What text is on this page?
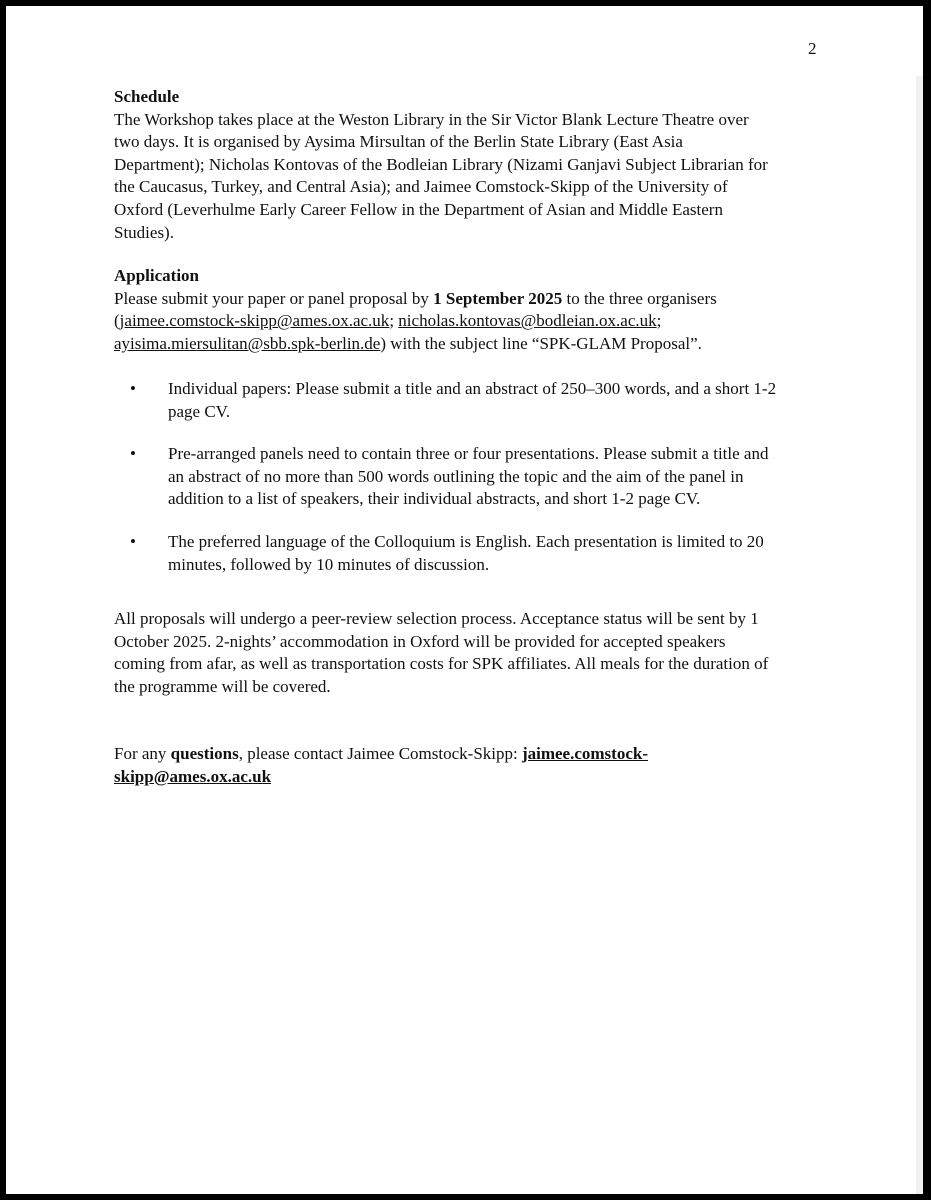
2
Schedule
The Workshop takes place at the Weston Library in the Sir Victor Blank Lecture Theatre over
two days. It is organised by Aysima Mirsultan of the Berlin State Library (East Asia
Department); Nicholas Kontovas of the Bodleian Library (Nizami Ganjavi Subject Librarian for
the Caucasus, Turkey, and Central Asia); and Jaimee Comstock-Skipp of the University of
Oxford (Leverhulme Early Career Fellow in the Department of Asian and Middle Eastern
Studies).
Application
Please submit your paper or panel proposal by 1 September 2025 to the three organisers
(jaimee.comstock-skipp@ames.ox.ac.uk; nicholas.kontovas@bodleian.ox.ac.uk;
ayisima.miersulitan@sbb.spk-berlin.de) with the subject line “SPK-GLAM Proposal”.
• Individual papers: Please submit a title and an abstract of 250–300 words, and a short 1-2
page CV.
• Pre-arranged panels need to contain three or four presentations. Please submit a title and
an abstract of no more than 500 words outlining the topic and the aim of the panel in
addition to a list of speakers, their individual abstracts, and short 1-2 page CV.
• The preferred language of the Colloquium is English. Each presentation is limited to 20
minutes, followed by 10 minutes of discussion.
All proposals will undergo a peer-review selection process. Acceptance status will be sent by 1
October 2025. 2-nights’ accommodation in Oxford will be provided for accepted speakers
coming from afar, as well as transportation costs for SPK affiliates. All meals for the duration of
the programme will be covered.
For any questions, please contact Jaimee Comstock-Skipp: jaimee.comstock-
skipp@ames.ox.ac.uk
